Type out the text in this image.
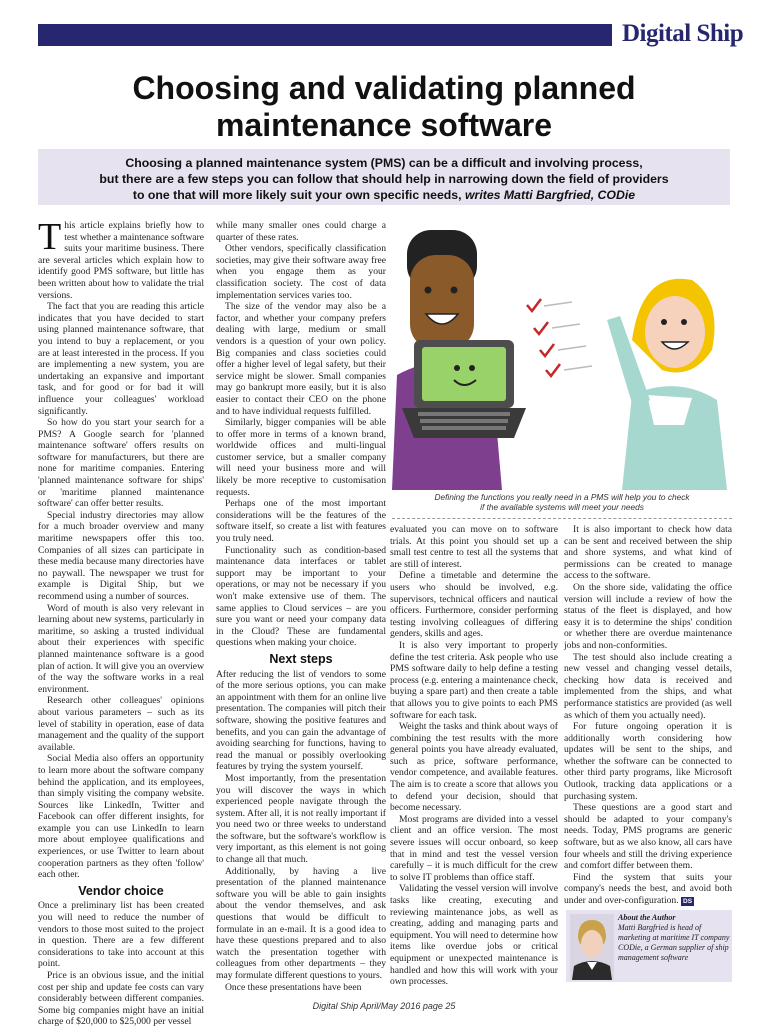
Digital Ship
Choosing and validating planned
maintenance software
Choosing a planned maintenance system (PMS) can be a difficult and involving process,
but there are a few steps you can follow that should help in narrowing down the field of providers
to one that will more likely suit your own specific needs, writes Matti Bargfried, CODie

This article explains briefly how to test whether a maintenance software suits your maritime business. There are several articles which explain how to identify good PMS software, but little has been written about how to validate the trial versions.

The fact that you are reading this article indicates that you have decided to start using planned maintenance software, that you intend to buy a replacement, or you are at least interested in the process. If you are implementing a new system, you are undertaking an expansive and important task, and for good or for bad it will influence your colleagues' workload significantly.

So how do you start your search for a PMS? A Google search for 'planned maintenance software' offers results on software for manufacturers, but there are none for maritime companies. Entering 'planned maintenance software for ships' or 'maritime planned maintenance software' can offer better results.

Special industry directories may allow for a much broader overview and many maritime newspapers offer this too. Companies of all sizes can participate in these media because many directories have no paywall. The newspaper we trust for example is Digital Ship, but we recommend using a number of sources.

Word of mouth is also very relevant in learning about new systems, particularly in maritime, so asking a trusted individual about their experiences with specific planned maintenance software is a good plan of action. It will give you an overview of the way the software works in a real environment.

Research other colleagues' opinions about various parameters – such as its level of stability in operation, ease of data management and the quality of the support available.

Social Media also offers an opportunity to learn more about the software company behind the application, and its employees, than simply visiting the company website. Sources like LinkedIn, Twitter and Facebook can offer different insights, for example you can use LinkedIn to learn more about employee qualifications and experiences, or use Twitter to learn about cooperation partners as they often 'follow' each other.

Vendor choice

Once a preliminary list has been created you will need to reduce the number of vendors to those most suited to the project in question. There are a few different considerations to take into account at this point.

Price is an obvious issue, and the initial cost per ship and update fee costs can vary considerably between different companies. Some big companies might have an initial charge of $20,000 to $25,000 per vessel

while many smaller ones could charge a quarter of these rates.

Other vendors, specifically classification societies, may give their software away free when you engage them as your classification society. The cost of data implementation services varies too.

The size of the vendor may also be a factor, and whether your company prefers dealing with large, medium or small vendors is a question of your own policy. Big companies and class societies could offer a higher level of legal safety, but their service might be slower. Small companies may go bankrupt more easily, but it is also easier to contact their CEO on the phone and to have individual requests fulfilled.

Similarly, bigger companies will be able to offer more in terms of a known brand, worldwide offices and multi-lingual customer service, but a smaller company will need your business more and will likely be more receptive to customisation requests.

Perhaps one of the most important considerations will be the features of the software itself, so create a list with features you truly need.

Functionality such as condition-based maintenance data interfaces or tablet support may be important to your operations, or may not be necessary if you won't make extensive use of them. The same applies to Cloud services – are you sure you want or need your company data in the Cloud? These are fundamental questions when making your choice.

Next steps

After reducing the list of vendors to some of the more serious options, you can make an appointment with them for an online live presentation. The companies will pitch their software, showing the positive features and benefits, and you can gain the advantage of avoiding searching for functions, having to read the manual or possibly overlooking features by trying the system yourself.

Most importantly, from the presentation you will discover the ways in which experienced people navigate through the system. After all, it is not really important if you need two or three weeks to understand the software, but the software's workflow is very important, as this element is not going to change all that much.

Additionally, by having a live presentation of the planned maintenance software you will be able to gain insights about the vendor themselves, and ask questions that would be difficult to formulate in an e-mail. It is a good idea to have these questions prepared and to also watch the presentation together with colleagues from other departments – they may formulate different questions to yours.

Once these presentations have been

Defining the functions you really need in a PMS will help you to check
if the available systems will meet your needs

evaluated you can move on to software trials. At this point you should set up a small test centre to test all the systems that are still of interest.

Define a timetable and determine the users who should be involved, e.g. supervisors, technical officers and nautical officers. Furthermore, consider performing testing involving colleagues of differing genders, skills and ages.

It is also very important to properly define the test criteria. Ask people who use PMS software daily to help define a testing process (e.g. entering a maintenance check, buying a spare part) and then create a table that allows you to give points to each PMS software for each task.

Weight the tasks and think about ways of combining the test results with the more general points you have already evaluated, such as price, software performance, vendor competence, and available features. The aim is to create a score that allows you to defend your decision, should that become necessary.

Most programs are divided into a vessel client and an office version. The most severe issues will occur onboard, so keep that in mind and test the vessel version carefully – it is much difficult for the crew to solve IT problems than office staff.

Validating the vessel version will involve tasks like creating, executing and reviewing maintenance jobs, as well as creating, adding and managing parts and equipment. You will need to determine how items like overdue jobs or critical equipment or unexpected maintenance is handled and how this will work with your own processes.

It is also important to check how data can be sent and received between the ship and shore systems, and what kind of permissions can be created to manage access to the software.

On the shore side, validating the office version will include a review of how the status of the fleet is displayed, and how easy it is to determine the ships' condition or whether there are overdue maintenance jobs and non-conformities.

The test should also include creating a new vessel and changing vessel details, checking how data is received and implemented from the ships, and what performance statistics are provided (as well as which of them you actually need).

For future ongoing operation it is additionally worth considering how updates will be sent to the ships, and whether the software can be connected to other third party programs, like Microsoft Outlook, tracking data applications or a purchasing system.

These questions are a good start and should be adapted to your company's needs. Today, PMS programs are generic software, but as we also know, all cars have four wheels and still the driving experience and comfort differ between them.

Find the system that suits your company's needs the best, and avoid both under and over-configuration. DS

About the Author
Matti Bargfried is head of marketing at maritime IT company CODie, a German supplier of ship management software
Digital Ship April/May 2016 page 25
